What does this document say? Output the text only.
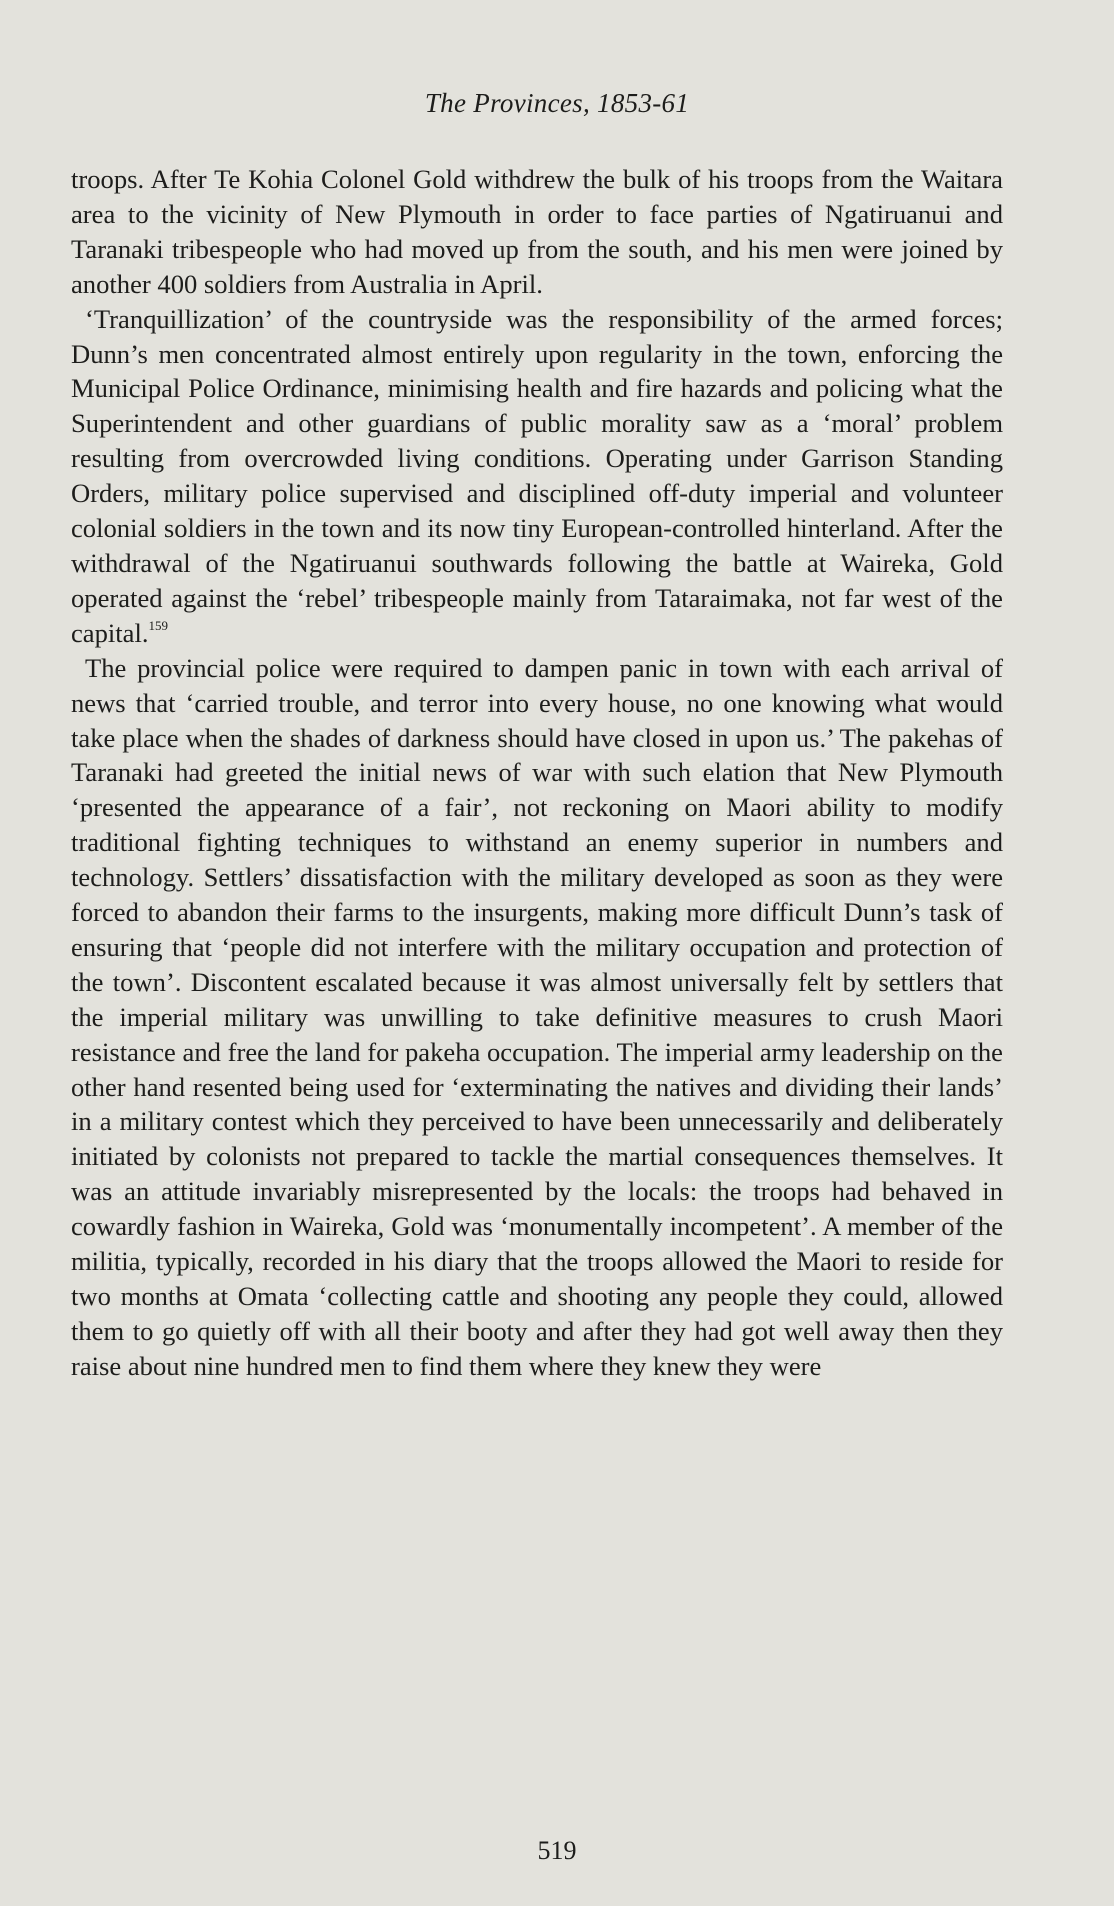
The Provinces, 1853-61

troops. After Te Kohia Colonel Gold withdrew the bulk of his troops from the Waitara area to the vicinity of New Plymouth in order to face parties of Ngatiruanui and Taranaki tribespeople who had moved up from the south, and his men were joined by another 400 soldiers from Australia in April.

‘Tranquillization’ of the countryside was the responsibility of the armed forces; Dunn’s men concentrated almost entirely upon regularity in the town, enforcing the Municipal Police Ordinance, minimising health and fire hazards and policing what the Superintendent and other guardians of public morality saw as a ‘moral’ problem resulting from overcrowded living conditions. Operating under Garrison Standing Orders, military police supervised and disciplined off-duty imperial and volunteer colonial soldiers in the town and its now tiny European-controlled hinterland. After the withdrawal of the Ngatiruanui southwards following the battle at Waireka, Gold operated against the ‘rebel’ tribespeople mainly from Tataraimaka, not far west of the capital.$^{159}$

The provincial police were required to dampen panic in town with each arrival of news that ‘carried trouble, and terror into every house, no one knowing what would take place when the shades of darkness should have closed in upon us.’ The pakehas of Taranaki had greeted the initial news of war with such elation that New Plymouth ‘presented the appearance of a fair’, not reckoning on Maori ability to modify traditional fighting techniques to withstand an enemy superior in numbers and technology. Settlers’ dissatisfaction with the military developed as soon as they were forced to abandon their farms to the insurgents, making more difficult Dunn’s task of ensuring that ‘people did not interfere with the military occupation and protection of the town’. Discontent escalated because it was almost universally felt by settlers that the imperial military was unwilling to take definitive measures to crush Maori resistance and free the land for pakeha occupation. The imperial army leadership on the other hand resented being used for ‘exterminating the natives and dividing their lands’ in a military contest which they perceived to have been unnecessarily and deliberately initiated by colonists not prepared to tackle the martial consequences themselves. It was an attitude invariably misrepresented by the locals: the troops had behaved in cowardly fashion in Waireka, Gold was ‘monumentally incompetent’. A member of the militia, typically, recorded in his diary that the troops allowed the Maori to reside for two months at Omata ‘collecting cattle and shooting any people they could, allowed them to go quietly off with all their booty and after they had got well away then they raise about nine hundred men to find them where they knew they were

519
